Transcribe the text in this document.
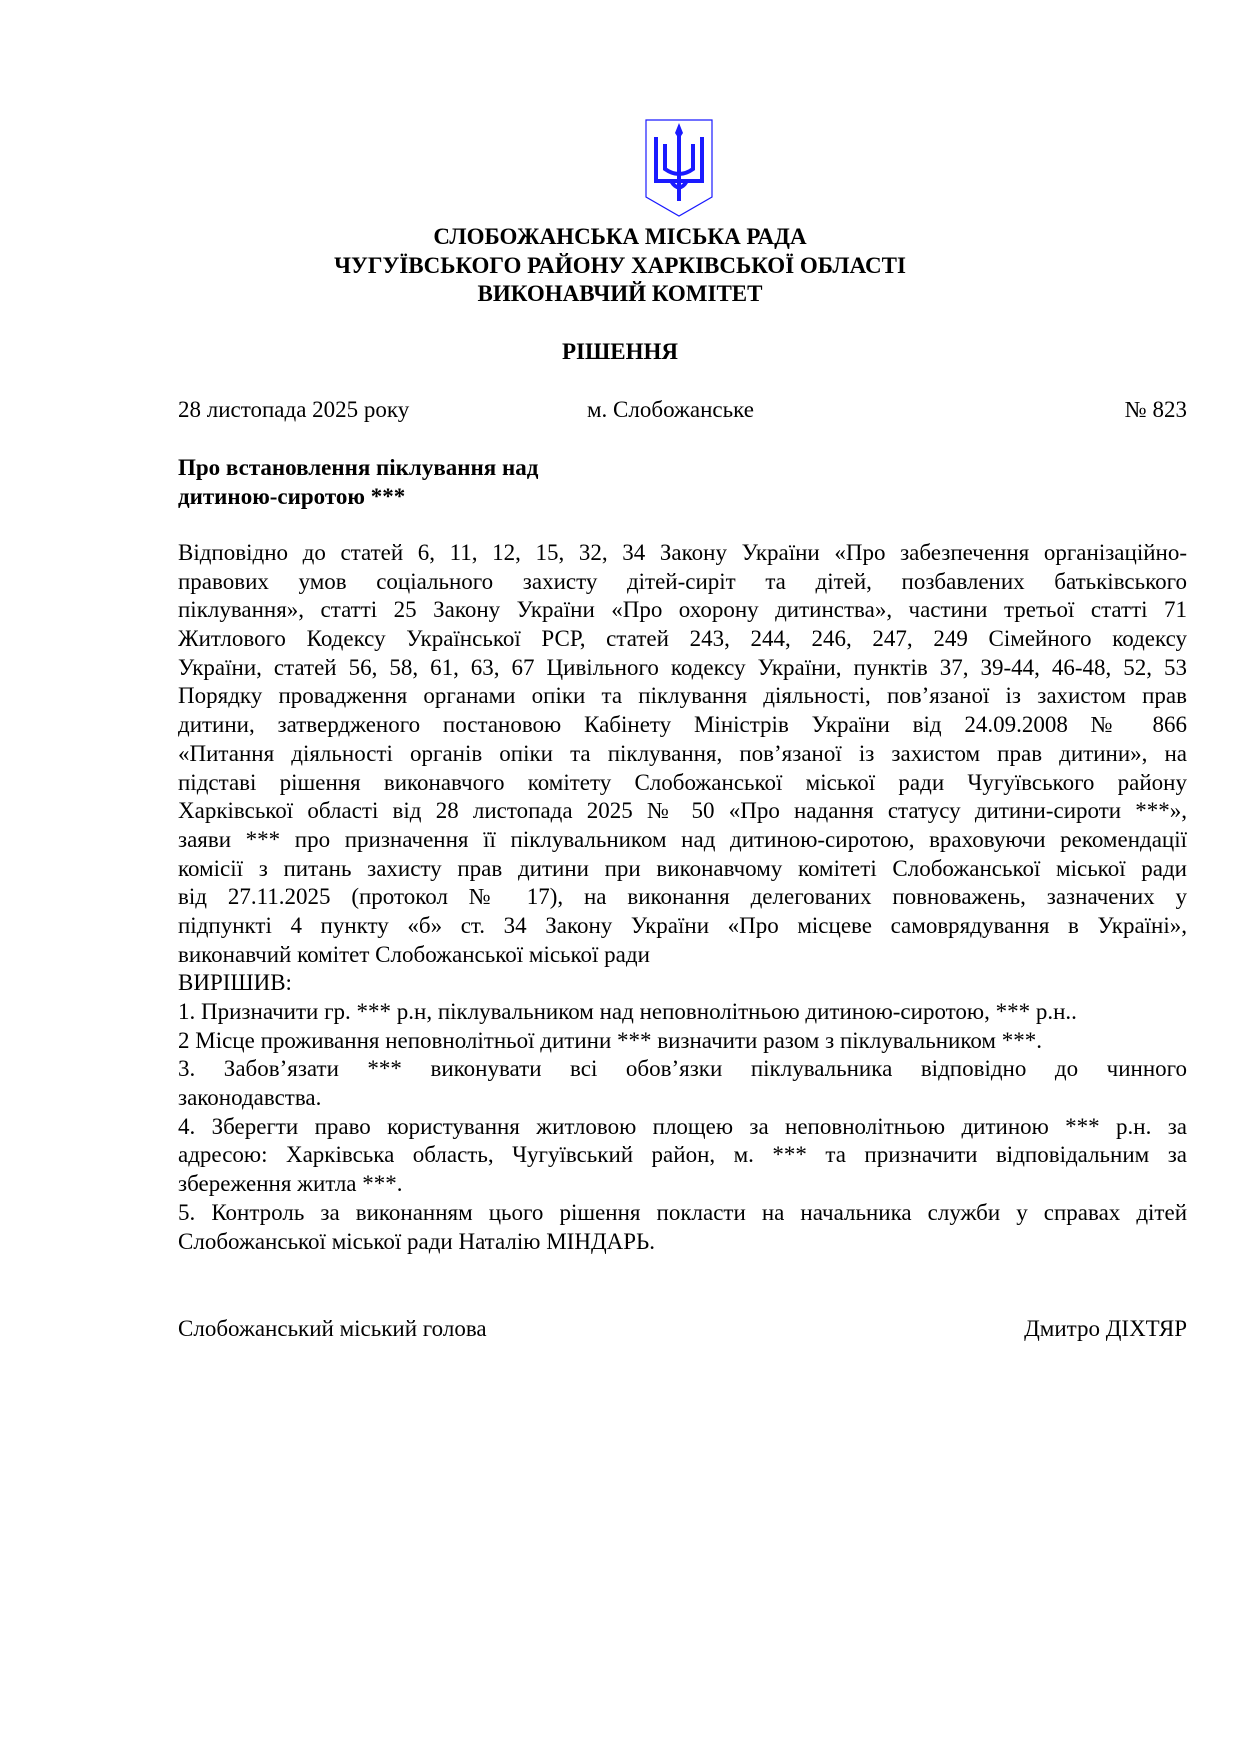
СЛОБОЖАНСЬКА МІСЬКА РАДА
ЧУГУЇВСЬКОГО РАЙОНУ ХАРКІВСЬКОЇ ОБЛАСТІ
ВИКОНАВЧИЙ КОМІТЕТ
РІШЕННЯ
28 листопада 2025 року	м. Слобожанське	№ 823
Про встановлення піклування над
дитиною-сиротою ***
Відповідно до статей 6, 11, 12, 15, 32, 34 Закону України «Про забезпечення організаційно-
правових умов соціального захисту дітей-сиріт та дітей, позбавлених батьківського
піклування», статті 25 Закону України «Про охорону дитинства», частини третьої статті 71
Житлового Кодексу Української РСР, статей 243, 244, 246, 247, 249 Сімейного кодексу
України, статей 56, 58, 61, 63, 67 Цивільного кодексу України, пунктів 37, 39-44, 46-48, 52, 53
Порядку провадження органами опіки та піклування діяльності, пов’язаної із захистом прав
дитини, затвердженого постановою Кабінету Міністрів України від 24.09.2008 № 866
«Питання діяльності органів опіки та піклування, пов’язаної із захистом прав дитини», на
підставі рішення виконавчого комітету Слобожанської міської ради Чугуївського району
Харківської області від 28 листопада 2025 № 50 «Про надання статусу дитини-сироти ***»,
заяви *** про призначення її піклувальником над дитиною-сиротою, враховуючи рекомендації
комісії з питань захисту прав дитини при виконавчому комітеті Слобожанської міської ради
від 27.11.2025 (протокол № 17), на виконання делегованих повноважень, зазначених у
підпункті 4 пункту «б» ст. 34 Закону України «Про місцеве самоврядування в Україні»,
виконавчий комітет Слобожанської міської ради
ВИРІШИВ:
1. Призначити гр. *** р.н, піклувальником над неповнолітньою дитиною-сиротою, *** р.н..
2 Місце проживання неповнолітньої дитини *** визначити разом з піклувальником ***.
3. Забов’язати *** виконувати всі обов’язки піклувальника відповідно до чинного
законодавства.
4. Зберегти право користування житловою площею за неповнолітньою дитиною *** р.н. за
адресою: Харківська область, Чугуївський район, м. *** та призначити відповідальним за
збереження житла ***.
5. Контроль за виконанням цього рішення покласти на начальника служби у справах дітей
Слобожанської міської ради Наталію МІНДАРЬ.
Слобожанський міський голова	Дмитро ДІХТЯР
